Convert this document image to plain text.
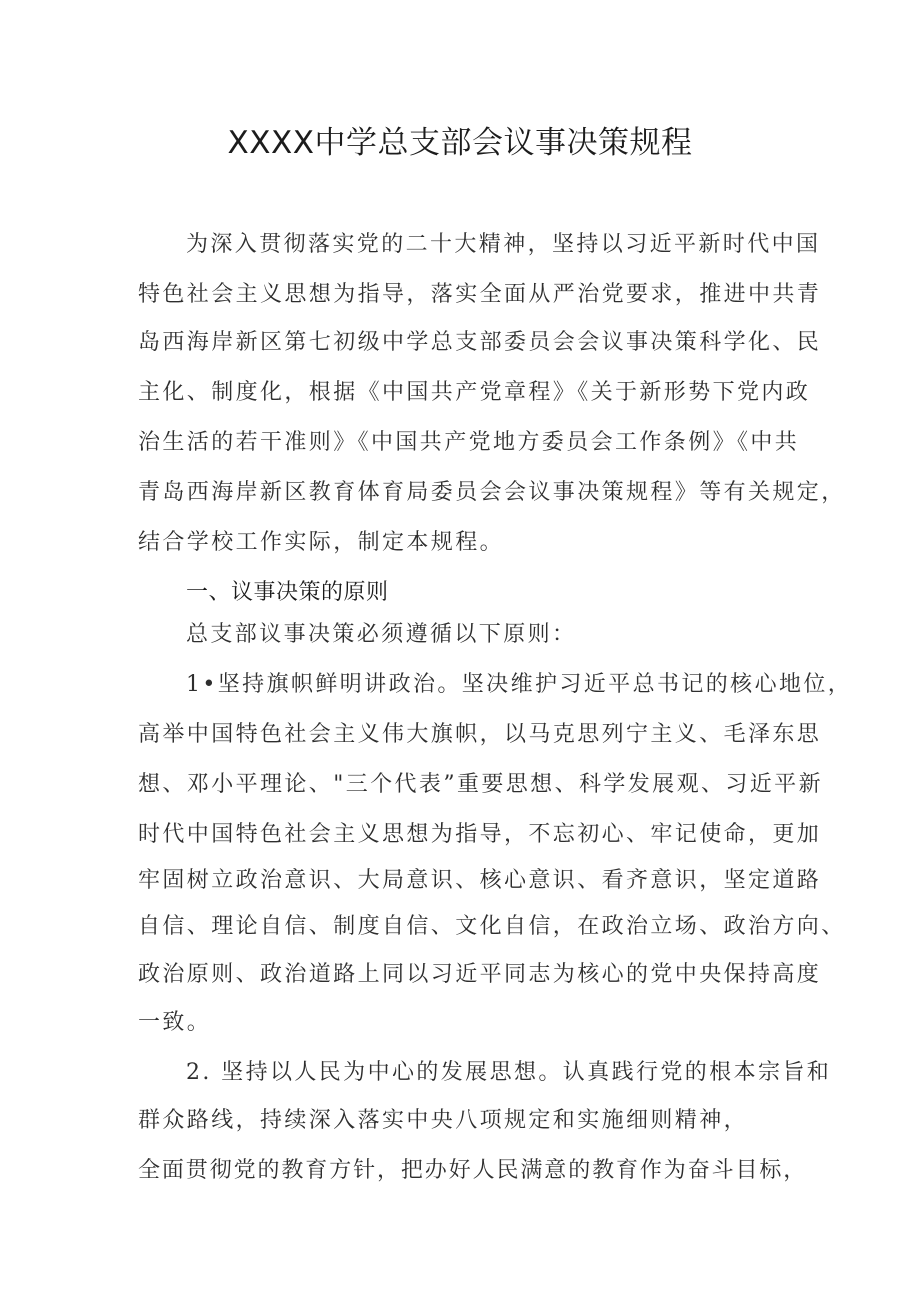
XXXX中学总支部会议事决策规程
为深入贯彻落实党的二十大精神，坚持以习近平新时代中国
特色社会主义思想为指导，落实全面从严治党要求，推进中共青
岛西海岸新区第七初级中学总支部委员会会议事决策科学化、民
主化、制度化，根据《中国共产党章程》《关于新形势下党内政
治生活的若干准则》《中国共产党地方委员会工作条例》《中共
青岛西海岸新区教育体育局委员会会议事决策规程》等有关规定，
结合学校工作实际，制定本规程。
一、议事决策的原则
总支部议事决策必须遵循以下原则：
1•坚持旗帜鲜明讲政治。坚决维护习近平总书记的核心地位，
高举中国特色社会主义伟大旗帜，以马克思列宁主义、毛泽东思
想、邓小平理论、"三个代表”重要思想、科学发展观、习近平新
时代中国特色社会主义思想为指导，不忘初心、牢记使命，更加
牢固树立政治意识、大局意识、核心意识、看齐意识，坚定道路
自信、理论自信、制度自信、文化自信，在政治立场、政治方向、
政治原则、政治道路上同以习近平同志为核心的党中央保持高度
一致。
2. 坚持以人民为中心的发展思想。认真践行党的根本宗旨和
群众路线，持续深入落实中央八项规定和实施细则精神，
全面贯彻党的教育方针，把办好人民满意的教育作为奋斗目标，
